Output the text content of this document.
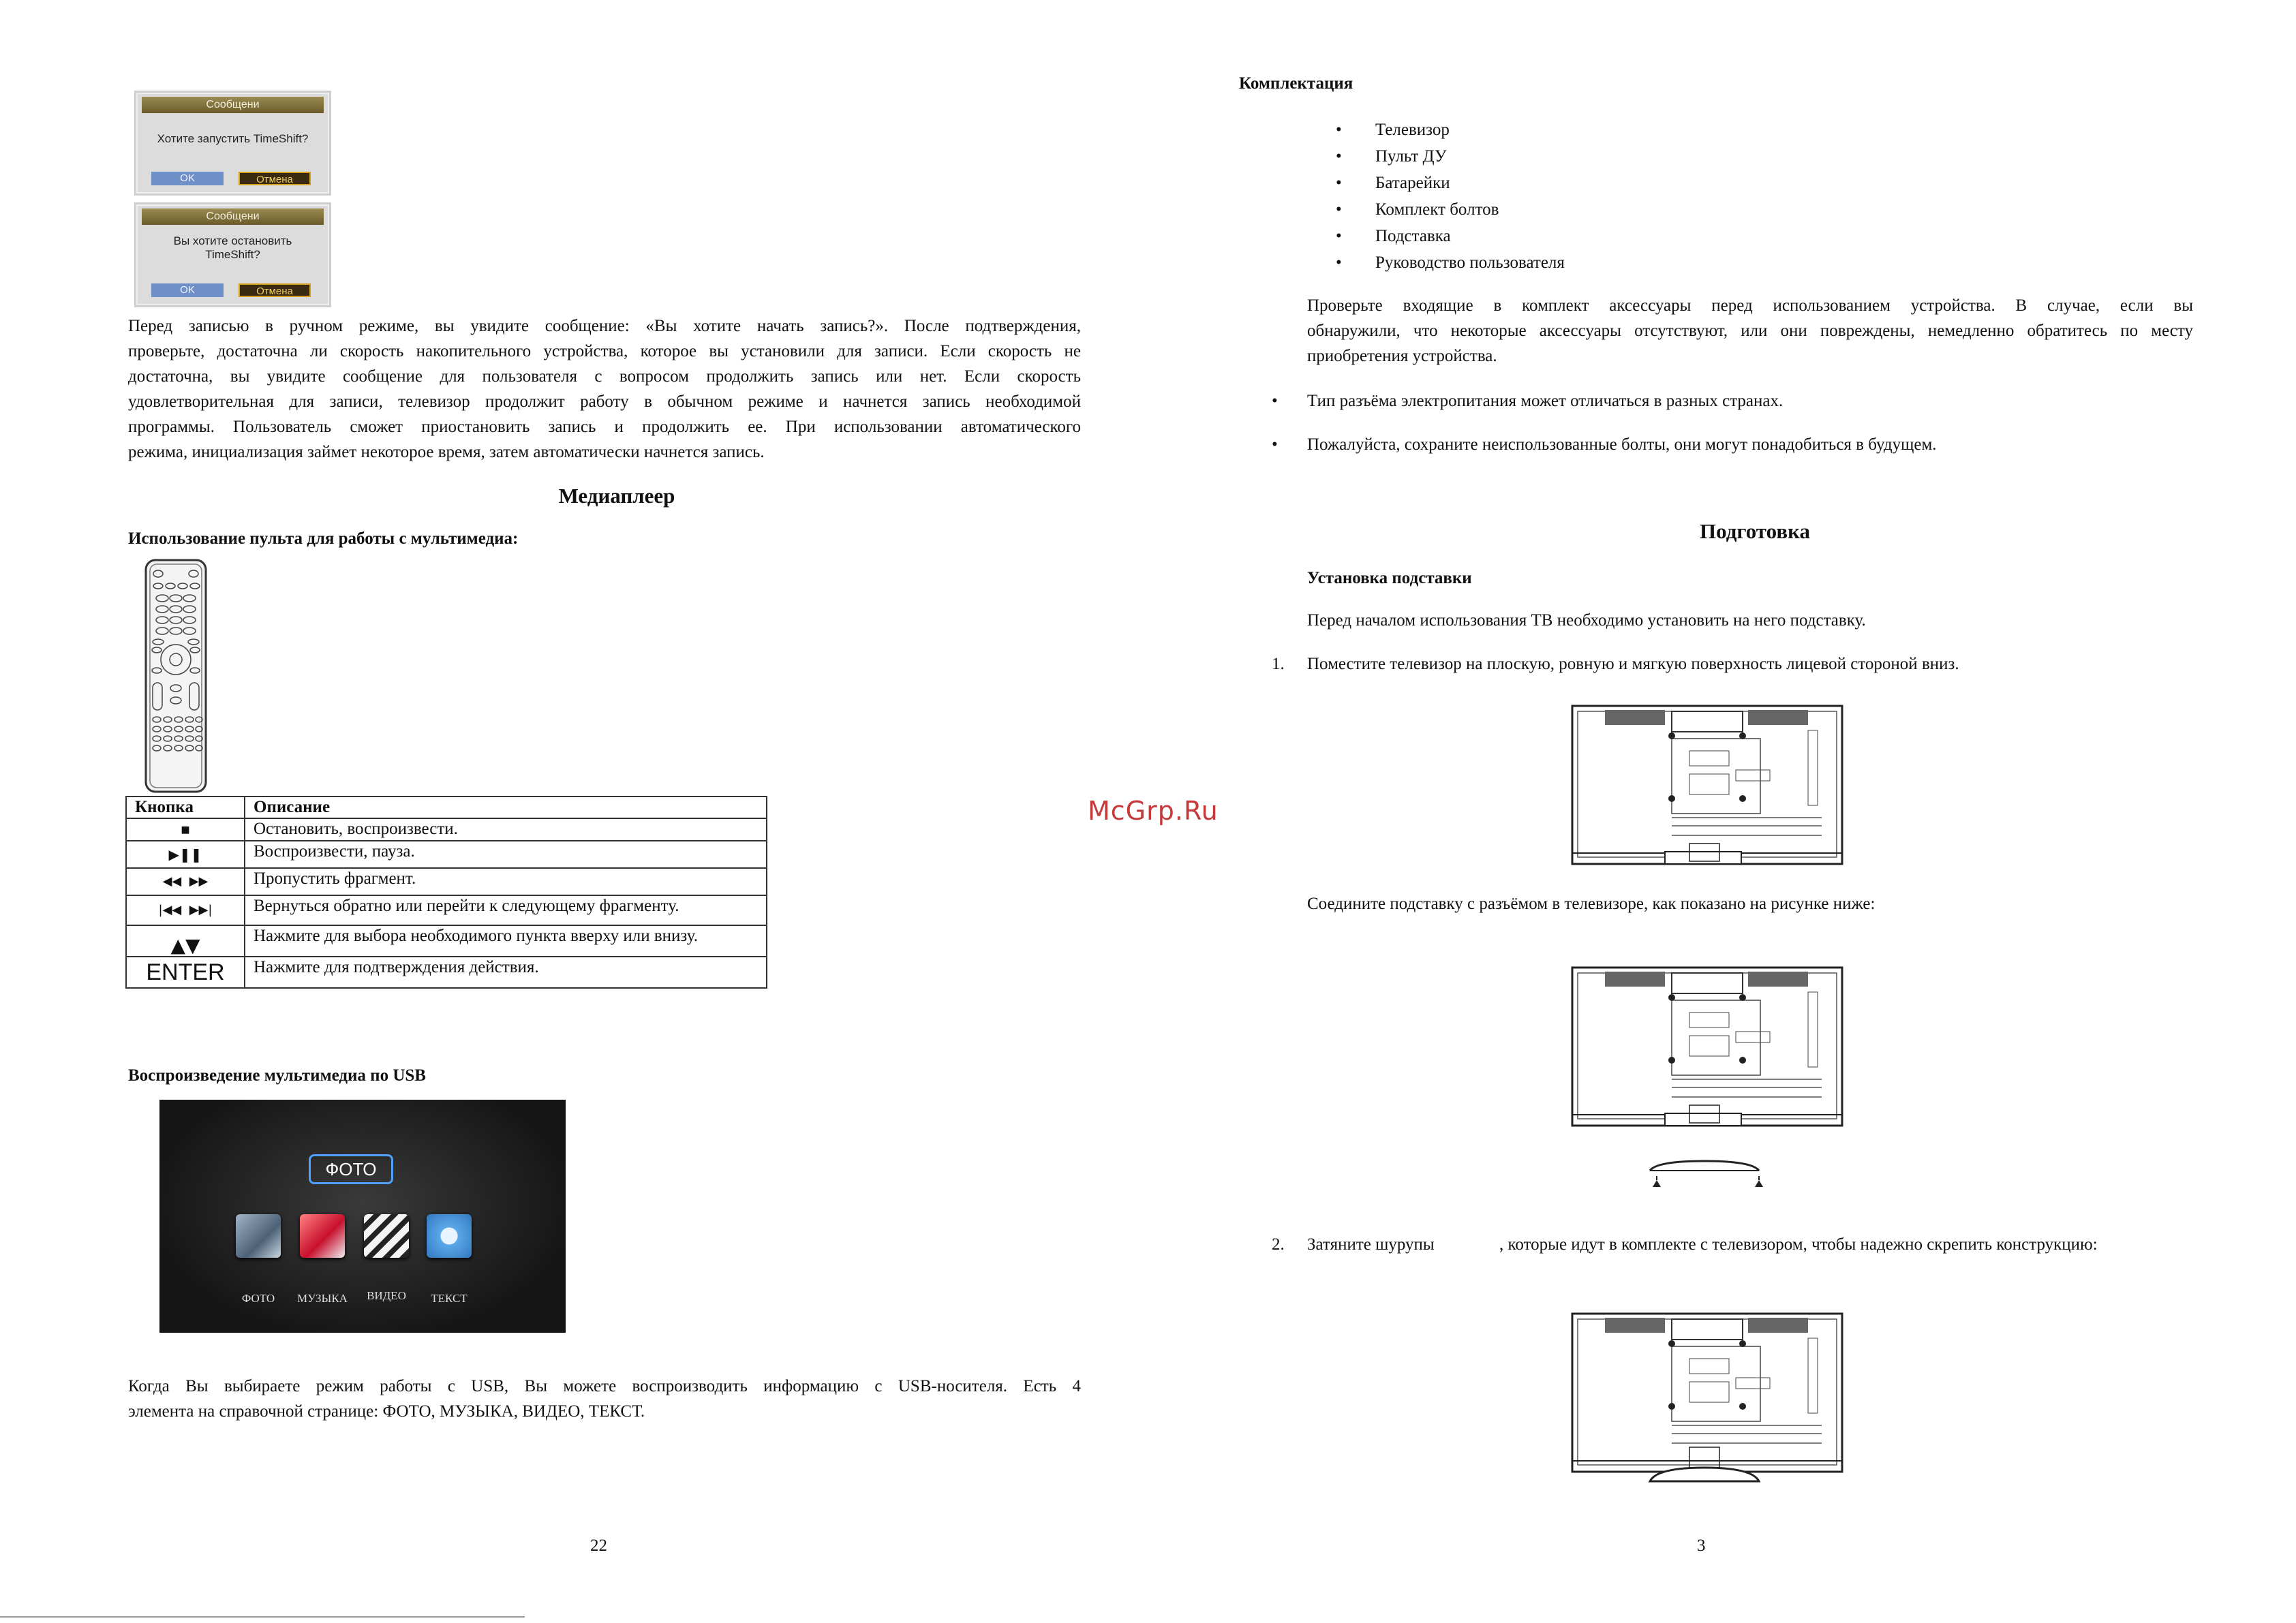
Сообщени
Хотите запустить TimeShift?
OK	Отмена
Сообщени
Вы хотите остановить
TimeShift?
OK	Отмена
Перед записью в ручном режиме, вы увидите сообщение: «Вы хотите начать запись?». После подтверждения,
проверьте, достаточна ли скорость накопительного устройства, которое вы установили для записи. Если скорость не
достаточна, вы увидите сообщение для пользователя с вопросом продолжить запись или нет. Если скорость
удовлетворительная для записи, телевизор продолжит работу в обычном режиме и начнется запись необходимой
программы. Пользователь сможет приостановить запись и продолжить ее. При использовании автоматического
режима, инициализация займет некоторое время, затем автоматически начнется запись.
Медиаплеер
Использование пульта для работы с мультимедиа:
Кнопка	Описание
■	Остановить, воспроизвести.
▶❚❚	Воспроизвести, пауза.
◀◀  ▶▶	Пропустить фрагмент.
|◀◀  ▶▶|	Вернуться обратно или перейти к следующему фрагменту.
▲▼	Нажмите для выбора необходимого пункта вверху или внизу.
ENTER	Нажмите для подтверждения действия.
Воспроизведение мультимедиа по USB
ФОТО
ФОТО	МУЗЫКА	ВИДЕО	ТЕКСТ
Когда Вы выбираете режим работы с USB, Вы можете воспроизводить информацию с USB-носителя. Есть 4
элемента на справочной странице: ФОТО, МУЗЫКА, ВИДЕО, ТЕКСТ.
22
McGrp.Ru
Комплектация
• Телевизор
• Пульт ДУ
• Батарейки
• Комплект болтов
• Подставка
• Руководство пользователя
Проверьте входящие в комплект аксессуары перед использованием устройства. В случае, если вы
обнаружили, что некоторые аксессуары отсутствуют, или они повреждены, немедленно обратитесь по месту
приобретения устройства.
• Тип разъёма электропитания может отличаться в разных странах.
• Пожалуйста, сохраните неиспользованные болты, они могут понадобиться в будущем.
Подготовка
Установка подставки
Перед началом использования ТВ необходимо установить на него подставку.
1. Поместите телевизор на плоскую, ровную и мягкую поверхность лицевой стороной вниз.
Соедините подставку с разъёмом в телевизоре, как показано на рисунке ниже:
2. Затяните шурупы	, которые идут в комплекте с телевизором, чтобы надежно скрепить конструкцию:
3
